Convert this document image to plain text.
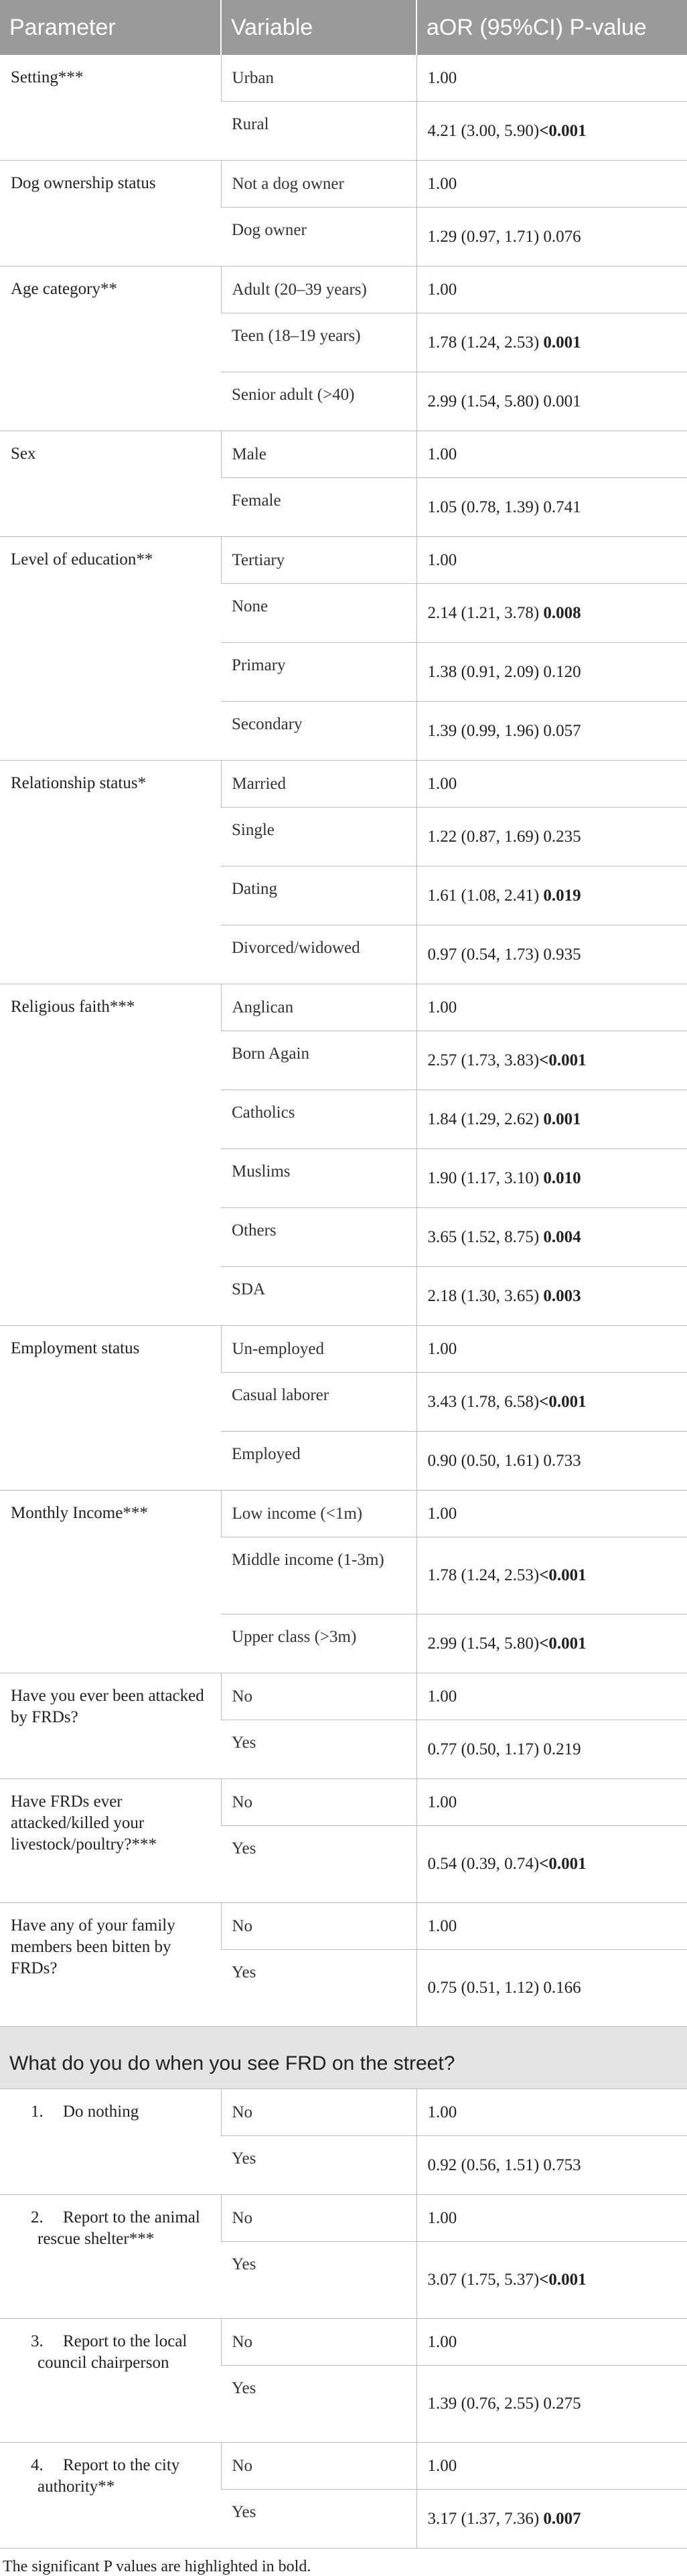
Parameter	Variable	aOR (95%CI) P-value
Setting***	Urban	1.00
	Rural	4.21 (3.00, 5.90)<0.001
Dog ownership status	Not a dog owner	1.00
	Dog owner	1.29 (0.97, 1.71) 0.076
Age category**	Adult (20–39 years)	1.00
	Teen (18–19 years)	1.78 (1.24, 2.53) 0.001
	Senior adult (>40)	2.99 (1.54, 5.80) 0.001
Sex	Male	1.00
	Female	1.05 (0.78, 1.39) 0.741
Level of education**	Tertiary	1.00
	None	2.14 (1.21, 3.78) 0.008
	Primary	1.38 (0.91, 2.09) 0.120
	Secondary	1.39 (0.99, 1.96) 0.057
Relationship status*	Married	1.00
	Single	1.22 (0.87, 1.69) 0.235
	Dating	1.61 (1.08, 2.41) 0.019
	Divorced/widowed	0.97 (0.54, 1.73) 0.935
Religious faith***	Anglican	1.00
	Born Again	2.57 (1.73, 3.83)<0.001
	Catholics	1.84 (1.29, 2.62) 0.001
	Muslims	1.90 (1.17, 3.10) 0.010
	Others	3.65 (1.52, 8.75) 0.004
	SDA	2.18 (1.30, 3.65) 0.003
Employment status	Un-employed	1.00
	Casual laborer	3.43 (1.78, 6.58)<0.001
	Employed	0.90 (0.50, 1.61) 0.733
Monthly Income***	Low income (<1m)	1.00
	Middle income (1-3m)	1.78 (1.24, 2.53)<0.001
	Upper class (>3m)	2.99 (1.54, 5.80)<0.001
Have you ever been attacked by FRDs?	No	1.00
	Yes	0.77 (0.50, 1.17) 0.219
Have FRDs ever attacked/killed your livestock/poultry?***	No	1.00
	Yes	0.54 (0.39, 0.74)<0.001
Have any of your family members been bitten by FRDs?	No	1.00
	Yes	0.75 (0.51, 1.12) 0.166
What do you do when you see FRD on the street?		

1. Do nothing	No	1.00
	Yes	0.92 (0.56, 1.51) 0.753

2. Report to the animal rescue shelter***	No	1.00
	Yes	3.07 (1.75, 5.37)<0.001

3. Report to the local council chairperson	No	1.00
	Yes	1.39 (0.76, 2.55) 0.275

4. Report to the city authority**	No	1.00
	Yes	3.17 (1.37, 7.36) 0.007
The significant P values are highlighted in bold.
